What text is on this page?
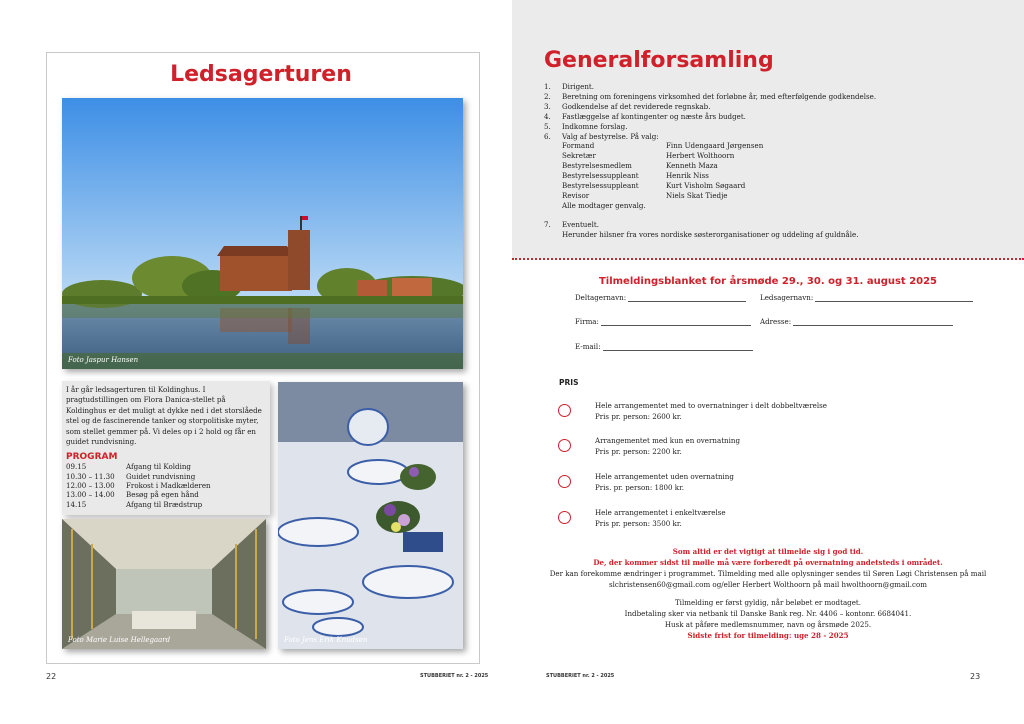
Ledsagerturen
Foto Jaspur Hansen
I år går ledsagerturen til Koldinghus. I pragtudstillingen om Flora Danica-stellet på Koldinghus er det muligt at dykke ned i det storslåede stel og de fascinerende tanker og storpolitiske myter, som stellet gemmer på. Vi deles op i 2 hold og får en guidet rundvisning.
PROGRAM
09.15	Afgang til Kolding
10.30 – 11.30	Guidet rundvisning
12.00 – 13.00	Frokost i Madkælderen
13.00 – 14.00	Besøg på egen hånd
14.15	Afgang til Brædstrup
Foto Marie Luise Hellegaard	Foto Jens Erik Knudsen
22	STUBBERIET nr. 2 - 2025
Generalforsamling
1.	Dirigent.
2.	Beretning om foreningens virksomhed det forløbne år, med efterfølgende godkendelse.
3.	Godkendelse af det reviderede regnskab.
4.	Fastlæggelse af kontingenter og næste års budget.
5.	Indkomne forslag.
6.	Valg af bestyrelse. På valg:
Formand	Finn Udengaard Jørgensen
Sekretær	Herbert Wolthoorn
Bestyrelsesmedlem	Kenneth Maza
Bestyrelsessuppleant	Henrik Niss
Bestyrelsessuppleant	Kurt Visholm Søgaard
Revisor	Niels Skat Tiedje
Alle modtager genvalg.
7.	Eventuelt.
Herunder hilsner fra vores nordiske søsterorganisationer og uddeling af guldnåle.
Tilmeldingsblanket for årsmøde 29., 30. og 31. august 2025
Deltagernavn:	Ledsagernavn:
Firma:	Adresse:
E-mail:
PRIS
Hele arrangementet med to overnatninger i delt dobbeltværelse
Pris pr. person: 2600 kr.
Arrangementet med kun en overnatning
Pris pr. person: 2200 kr.
Hele arrangementet uden overnatning
Pris. pr. person: 1800 kr.
Hele arrangementet i enkeltværelse
Pris pr. person: 3500 kr.
Som altid er det vigtigt at tilmelde sig i god tid.
De, der kommer sidst til mølle må være forberedt på overnatning andetsteds i området.
Der kan forekomme ændringer i programmet. Tilmelding med alle oplysninger sendes til Søren Løgi Christensen på mail
slchristensen60@gmail.com og/eller Herbert Wolthoorn på mail hwolthoorn@gmail.com
Tilmelding er først gyldig, når beløbet er modtaget.
Indbetaling sker via netbank til Danske Bank reg. Nr. 4406 – kontonr. 6684041.
Husk at påføre medlemsnummer, navn og årsmøde 2025.
Sidste frist for tilmelding: uge 28 - 2025
STUBBERIET nr. 2 - 2025	23
